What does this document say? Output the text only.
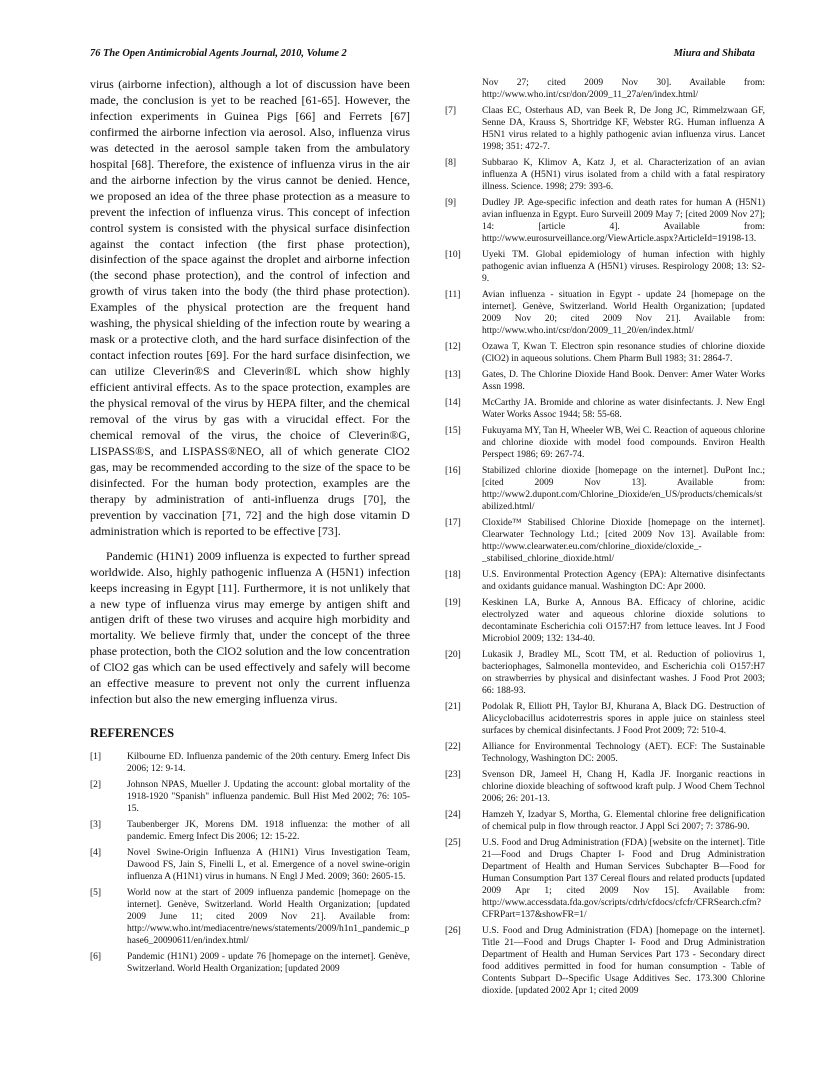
76 The Open Antimicrobial Agents Journal, 2010, Volume 2	Miura and Shibata

virus (airborne infection), although a lot of discussion have been made, the conclusion is yet to be reached [61-65]. However, the infection experiments in Guinea Pigs [66] and Ferrets [67] confirmed the airborne infection via aerosol. Also, influenza virus was detected in the aerosol sample taken from the ambulatory hospital [68]. Therefore, the existence of influenza virus in the air and the airborne infection by the virus cannot be denied. Hence, we proposed an idea of the three phase protection as a measure to prevent the infection of influenza virus. This concept of infection control system is consisted with the physical surface disinfection against the contact infection (the first phase protection), disinfection of the space against the droplet and airborne infection (the second phase protection), and the control of infection and growth of virus taken into the body (the third phase protection). Examples of the physical protection are the frequent hand washing, the physical shielding of the infection route by wearing a mask or a protective cloth, and the hard surface disinfection of the contact infection routes [69]. For the hard surface disinfection, we can utilize Cleverin®S and Cleverin®L which show highly efficient antiviral effects. As to the space protection, examples are the physical removal of the virus by HEPA filter, and the chemical removal of the virus by gas with a virucidal effect. For the chemical removal of the virus, the choice of Cleverin®G, LISPASS®S, and LISPASS®NEO, all of which generate ClO2 gas, may be recommended according to the size of the space to be disinfected. For the human body protection, examples are the therapy by administration of anti-influenza drugs [70], the prevention by vaccination [71, 72] and the high dose vitamin D administration which is reported to be effective [73].

Pandemic (H1N1) 2009 influenza is expected to further spread worldwide. Also, highly pathogenic influenza A (H5N1) infection keeps increasing in Egypt [11]. Furthermore, it is not unlikely that a new type of influenza virus may emerge by antigen shift and antigen drift of these two viruses and acquire high morbidity and mortality. We believe firmly that, under the concept of the three phase protection, both the ClO2 solution and the low concentration of ClO2 gas which can be used effectively and safely will become an effective measure to prevent not only the current influenza infection but also the new emerging influenza virus.

REFERENCES
[1]	Kilbourne ED. Influenza pandemic of the 20th century. Emerg Infect Dis 2006; 12: 9-14.
[2]	Johnson NPAS, Mueller J. Updating the account: global mortality of the 1918-1920 "Spanish" influenza pandemic. Bull Hist Med 2002; 76: 105-15.
[3]	Taubenberger JK, Morens DM. 1918 influenza: the mother of all pandemic. Emerg Infect Dis 2006; 12: 15-22.
[4]	Novel Swine-Origin Influenza A (H1N1) Virus Investigation Team, Dawood FS, Jain S, Finelli L, et al. Emergence of a novel swine-origin influenza A (H1N1) virus in humans. N Engl J Med. 2009; 360: 2605-15.
[5]	World now at the start of 2009 influenza pandemic [homepage on the internet]. Genève, Switzerland. World Health Organization; [updated 2009 June 11; cited 2009 Nov 21]. Available from: http://www.who.int/mediacentre/news/statements/2009/h1n1_pandemic_phase6_20090611/en/index.html/
[6]	Pandemic (H1N1) 2009 - update 76 [homepage on the internet]. Genève, Switzerland. World Health Organization; [updated 2009
Nov 27; cited 2009 Nov 30]. Available from: http://www.who.int/csr/don/2009_11_27a/en/index.html/
[7]	Claas EC, Osterhaus AD, van Beek R, De Jong JC, Rimmelzwaan GF, Senne DA, Krauss S, Shortridge KF, Webster RG. Human influenza A H5N1 virus related to a highly pathogenic avian influenza virus. Lancet 1998; 351: 472-7.
[8]	Subbarao K, Klimov A, Katz J, et al. Characterization of an avian influenza A (H5N1) virus isolated from a child with a fatal respiratory illness. Science. 1998; 279: 393-6.
[9]	Dudley JP. Age-specific infection and death rates for human A (H5N1) avian influenza in Egypt. Euro Surveill 2009 May 7; [cited 2009 Nov 27]; 14: [article 4]. Available from: http://www.eurosurveillance.org/ViewArticle.aspx?ArticleId=19198-13.
[10] Uyeki TM. Global epidemiology of human infection with highly pathogenic avian influenza A (H5N1) viruses. Respirology 2008; 13: S2-9.
[11] Avian influenza - situation in Egypt - update 24 [homepage on the internet]. Genève, Switzerland. World Health Organization; [updated 2009 Nov 20; cited 2009 Nov 21]. Available from: http://www.who.int/csr/don/2009_11_20/en/index.html/
[12] Ozawa T, Kwan T. Electron spin resonance studies of chlorine dioxide (ClO2) in aqueous solutions. Chem Pharm Bull 1983; 31: 2864-7.
[13] Gates, D. The Chlorine Dioxide Hand Book. Denver: Amer Water Works Assn 1998.
[14] McCarthy JA. Bromide and chlorine as water disinfectants. J. New Engl Water Works Assoc 1944; 58: 55-68.
[15] Fukuyama MY, Tan H, Wheeler WB, Wei C. Reaction of aqueous chlorine and chlorine dioxide with model food compounds. Environ Health Perspect 1986; 69: 267-74.
[16] Stabilized chlorine dioxide [homepage on the internet]. DuPont Inc.; [cited 2009 Nov 13]. Available from: http://www2.dupont.com/Chlorine_Dioxide/en_US/products/chemicals/stabilized.html/
[17] Cloxide™ Stabilised Chlorine Dioxide [homepage on the internet]. Clearwater Technology Ltd.; [cited 2009 Nov 13]. Available from: http://www.clearwater.eu.com/chlorine_dioxide/cloxide_-_stabilised_chlorine_dioxide.html/
[18] U.S. Environmental Protection Agency (EPA): Alternative disinfectants and oxidants guidance manual. Washington DC: Apr 2000.
[19] Keskinen LA, Burke A, Annous BA. Efficacy of chlorine, acidic electrolyzed water and aqueous chlorine dioxide solutions to decontaminate Escherichia coli O157:H7 from lettuce leaves. Int J Food Microbiol 2009; 132: 134-40.
[20] Lukasik J, Bradley ML, Scott TM, et al. Reduction of poliovirus 1, bacteriophages, Salmonella montevideo, and Escherichia coli O157:H7 on strawberries by physical and disinfectant washes. J Food Prot 2003; 66: 188-93.
[21] Podolak R, Elliott PH, Taylor BJ, Khurana A, Black DG. Destruction of Alicyclobacillus acidoterrestris spores in apple juice on stainless steel surfaces by chemical disinfectants. J Food Prot 2009; 72: 510-4.
[22] Alliance for Environmental Technology (AET). ECF: The Sustainable Technology, Washington DC: 2005.
[23] Svenson DR, Jameel H, Chang H, Kadla JF. Inorganic reactions in chlorine dioxide bleaching of softwood kraft pulp. J Wood Chem Technol 2006; 26: 201-13.
[24] Hamzeh Y, Izadyar S, Mortha, G. Elemental chlorine free delignification of chemical pulp in flow through reactor. J Appl Sci 2007; 7: 3786-90.
[25] U.S. Food and Drug Administration (FDA) [website on the internet]. Title 21—Food and Drugs Chapter I- Food and Drug Administration Department of Health and Human Services Subchapter B—Food for Human Consumption Part 137 Cereal flours and related products [updated 2009 Apr 1; cited 2009 Nov 15]. Available from: http://www.accessdata.fda.gov/scripts/cdrh/cfdocs/cfcfr/CFRSearch.cfm?CFRPart=137&showFR=1/
[26] U.S. Food and Drug Administration (FDA) [homepage on the internet]. Title 21—Food and Drugs Chapter I- Food and Drug Administration Department of Health and Human Services Part 173 - Secondary direct food additives permitted in food for human consumption - Table of Contents Subpart D--Specific Usage Additives Sec. 173.300 Chlorine dioxide. [updated 2002 Apr 1; cited 2009
